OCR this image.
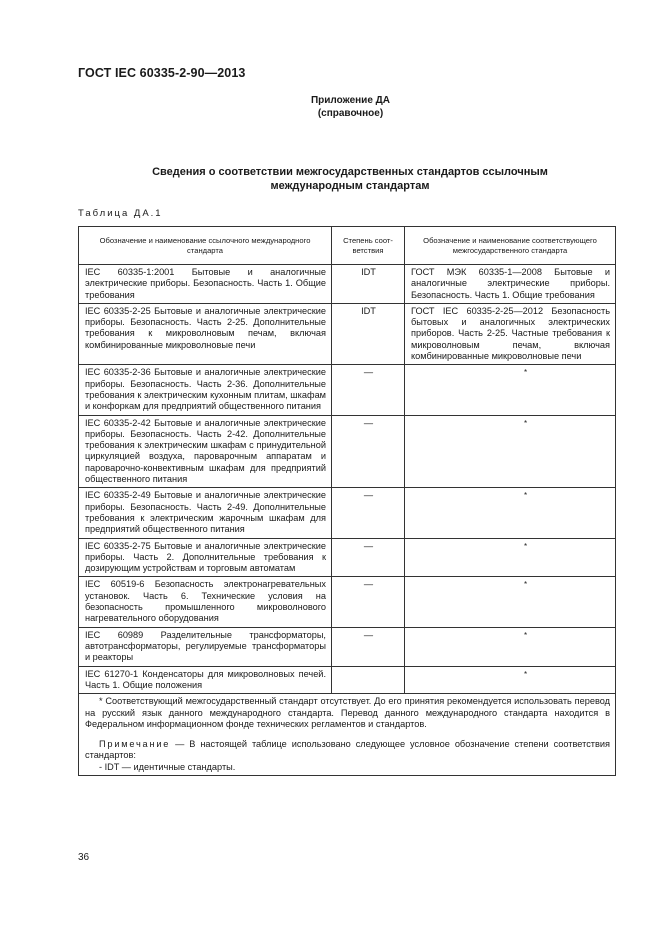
ГОСТ IEC 60335-2-90—2013
Приложение ДА
(справочное)
Сведения о соответствии межгосударственных стандартов ссылочным
международным стандартам
Таблица ДА.1
Обозначение и наименование ссылочного международного стандарта	Степень соот-ветствия	Обозначение и наименование соответствующего межгосударственного стандарта
IEC 60335-1:2001 Бытовые и аналогичные электрические приборы. Безопасность. Часть 1. Общие требования	IDT	ГОСТ МЭК 60335-1—2008 Бытовые и аналогичные электрические приборы. Безопасность. Часть 1. Общие требования
IEC 60335-2-25 Бытовые и аналогичные электрические приборы. Безопасность. Часть 2-25. Дополнительные требования к микроволновым печам, включая комбинированные микроволновые печи	IDT	ГОСТ IEC 60335-2-25—2012 Безопасность бытовых и аналогичных электрических приборов. Часть 2-25. Частные требования к микроволновым печам, включая комбинированные микроволновые печи
IEC 60335-2-36 Бытовые и аналогичные электрические приборы. Безопасность. Часть 2-36. Дополнительные требования к электрическим кухонным плитам, шкафам и конфоркам для предприятий общественного питания	—	*
IEC 60335-2-42 Бытовые и аналогичные электрические приборы. Безопасность. Часть 2-42. Дополнительные требования к электрическим шкафам с принудительной циркуляцией воздуха, пароварочным аппаратам и пароварочно-конвективным шкафам для предприятий общественного питания	—	*
IEC 60335-2-49 Бытовые и аналогичные электрические приборы. Безопасность. Часть 2-49. Дополнительные требования к электрическим жарочным шкафам для предприятий общественного питания	—	*
IEC 60335-2-75 Бытовые и аналогичные электрические приборы. Часть 2. Дополнительные требования к дозирующим устройствам и торговым автоматам	—	*
IEC 60519-6 Безопасность электронагревательных установок. Часть 6. Технические условия на безопасность промышленного микроволнового нагревательного оборудования	—	*
IEC 60989 Разделительные трансформаторы, автотрансформаторы, регулируемые трансформаторы и реакторы	—	*
IEC 61270-1 Конденсаторы для микроволновых печей. Часть 1. Общие положения		*

* Соответствующий межгосударственный стандарт отсутствует. До его принятия рекомендуется использовать перевод на русский язык данного международного стандарта. Перевод данного международного стандарта находится в Федеральном информационном фонде технических регламентов и стандартов.

Примечание — В настоящей таблице использовано следующее условное обозначение степени соответствия стандартов:

- IDT — идентичные стандарты.		

36
